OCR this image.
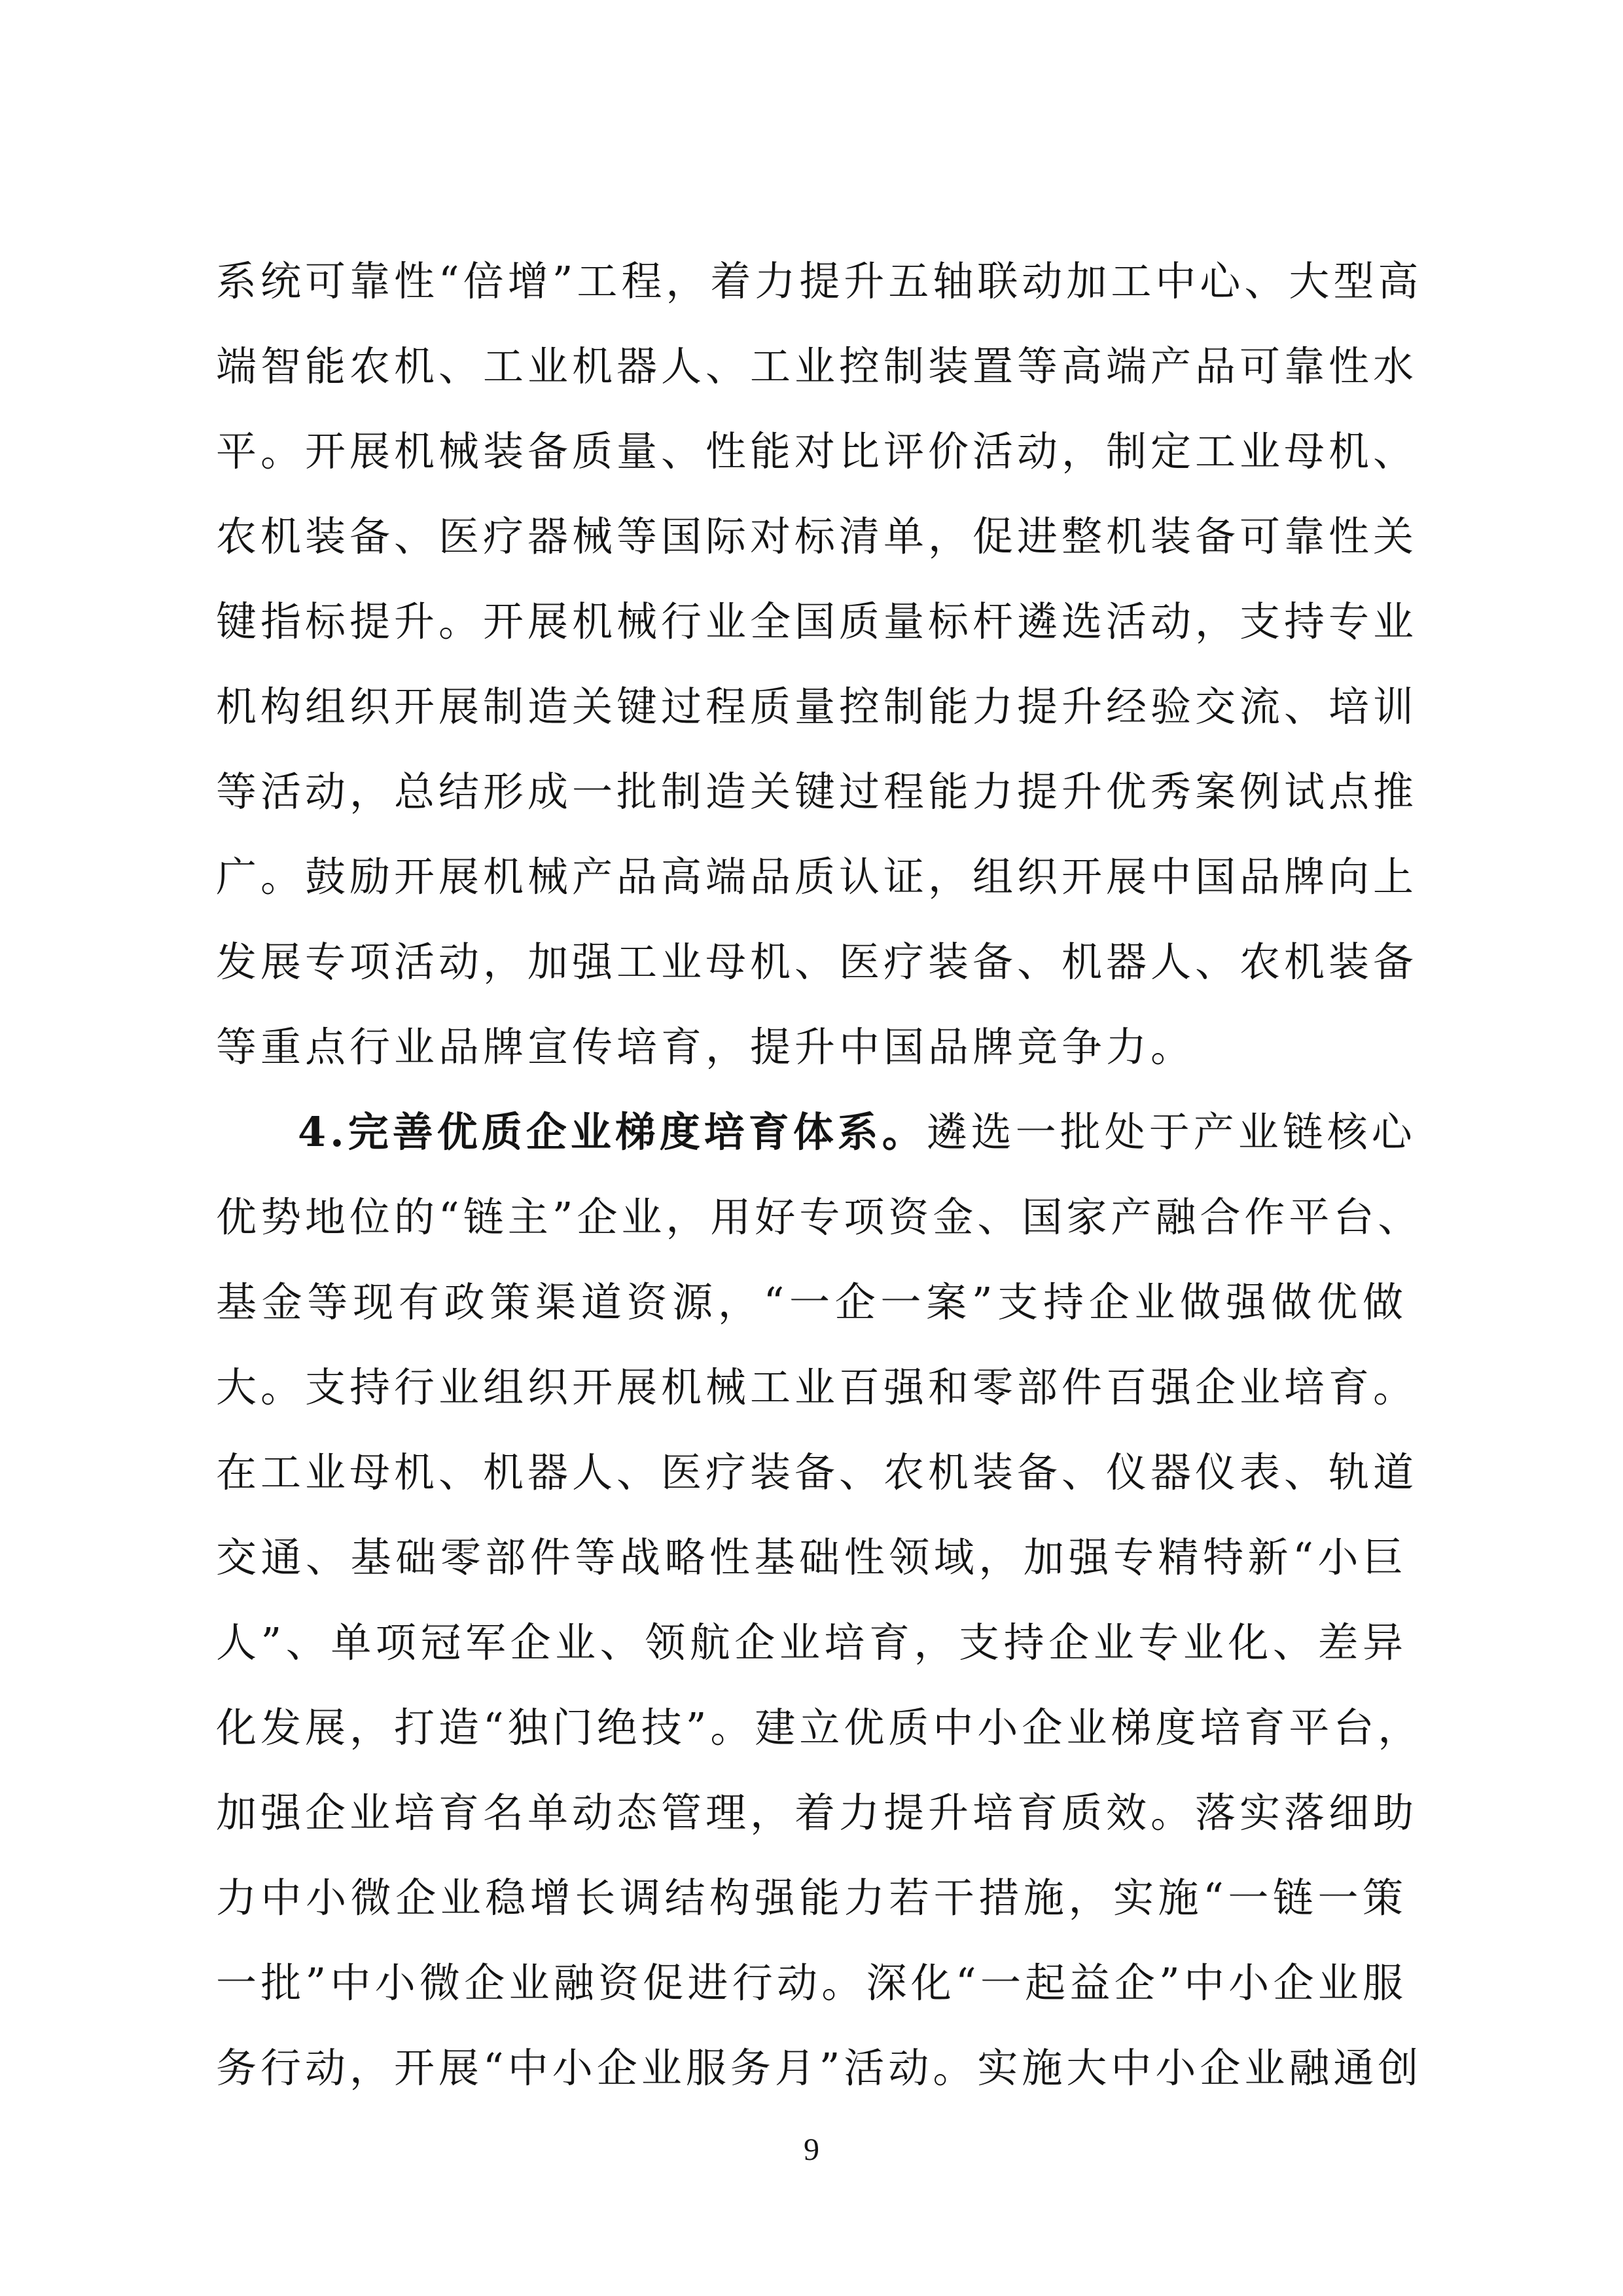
系统可靠性“倍增”工程，着力提升五轴联动加工中心、大型高
端智能农机、工业机器人、工业控制装置等高端产品可靠性水
平。开展机械装备质量、性能对比评价活动，制定工业母机、
农机装备、医疗器械等国际对标清单，促进整机装备可靠性关
键指标提升。开展机械行业全国质量标杆遴选活动，支持专业
机构组织开展制造关键过程质量控制能力提升经验交流、培训
等活动，总结形成一批制造关键过程能力提升优秀案例试点推
广。鼓励开展机械产品高端品质认证，组织开展中国品牌向上
发展专项活动，加强工业母机、医疗装备、机器人、农机装备
等重点行业品牌宣传培育，提升中国品牌竞争力。
4.完善优质企业梯度培育体系。遴选一批处于产业链核心
优势地位的“链主”企业，用好专项资金、国家产融合作平台、
基金等现有政策渠道资源，“一企一案”支持企业做强做优做
大。支持行业组织开展机械工业百强和零部件百强企业培育。
在工业母机、机器人、医疗装备、农机装备、仪器仪表、轨道
交通、基础零部件等战略性基础性领域，加强专精特新“小巨
人”、单项冠军企业、领航企业培育，支持企业专业化、差异
化发展，打造“独门绝技”。建立优质中小企业梯度培育平台，
加强企业培育名单动态管理，着力提升培育质效。落实落细助
力中小微企业稳增长调结构强能力若干措施，实施“一链一策
一批”中小微企业融资促进行动。深化“一起益企”中小企业服
务行动，开展“中小企业服务月”活动。实施大中小企业融通创
9
